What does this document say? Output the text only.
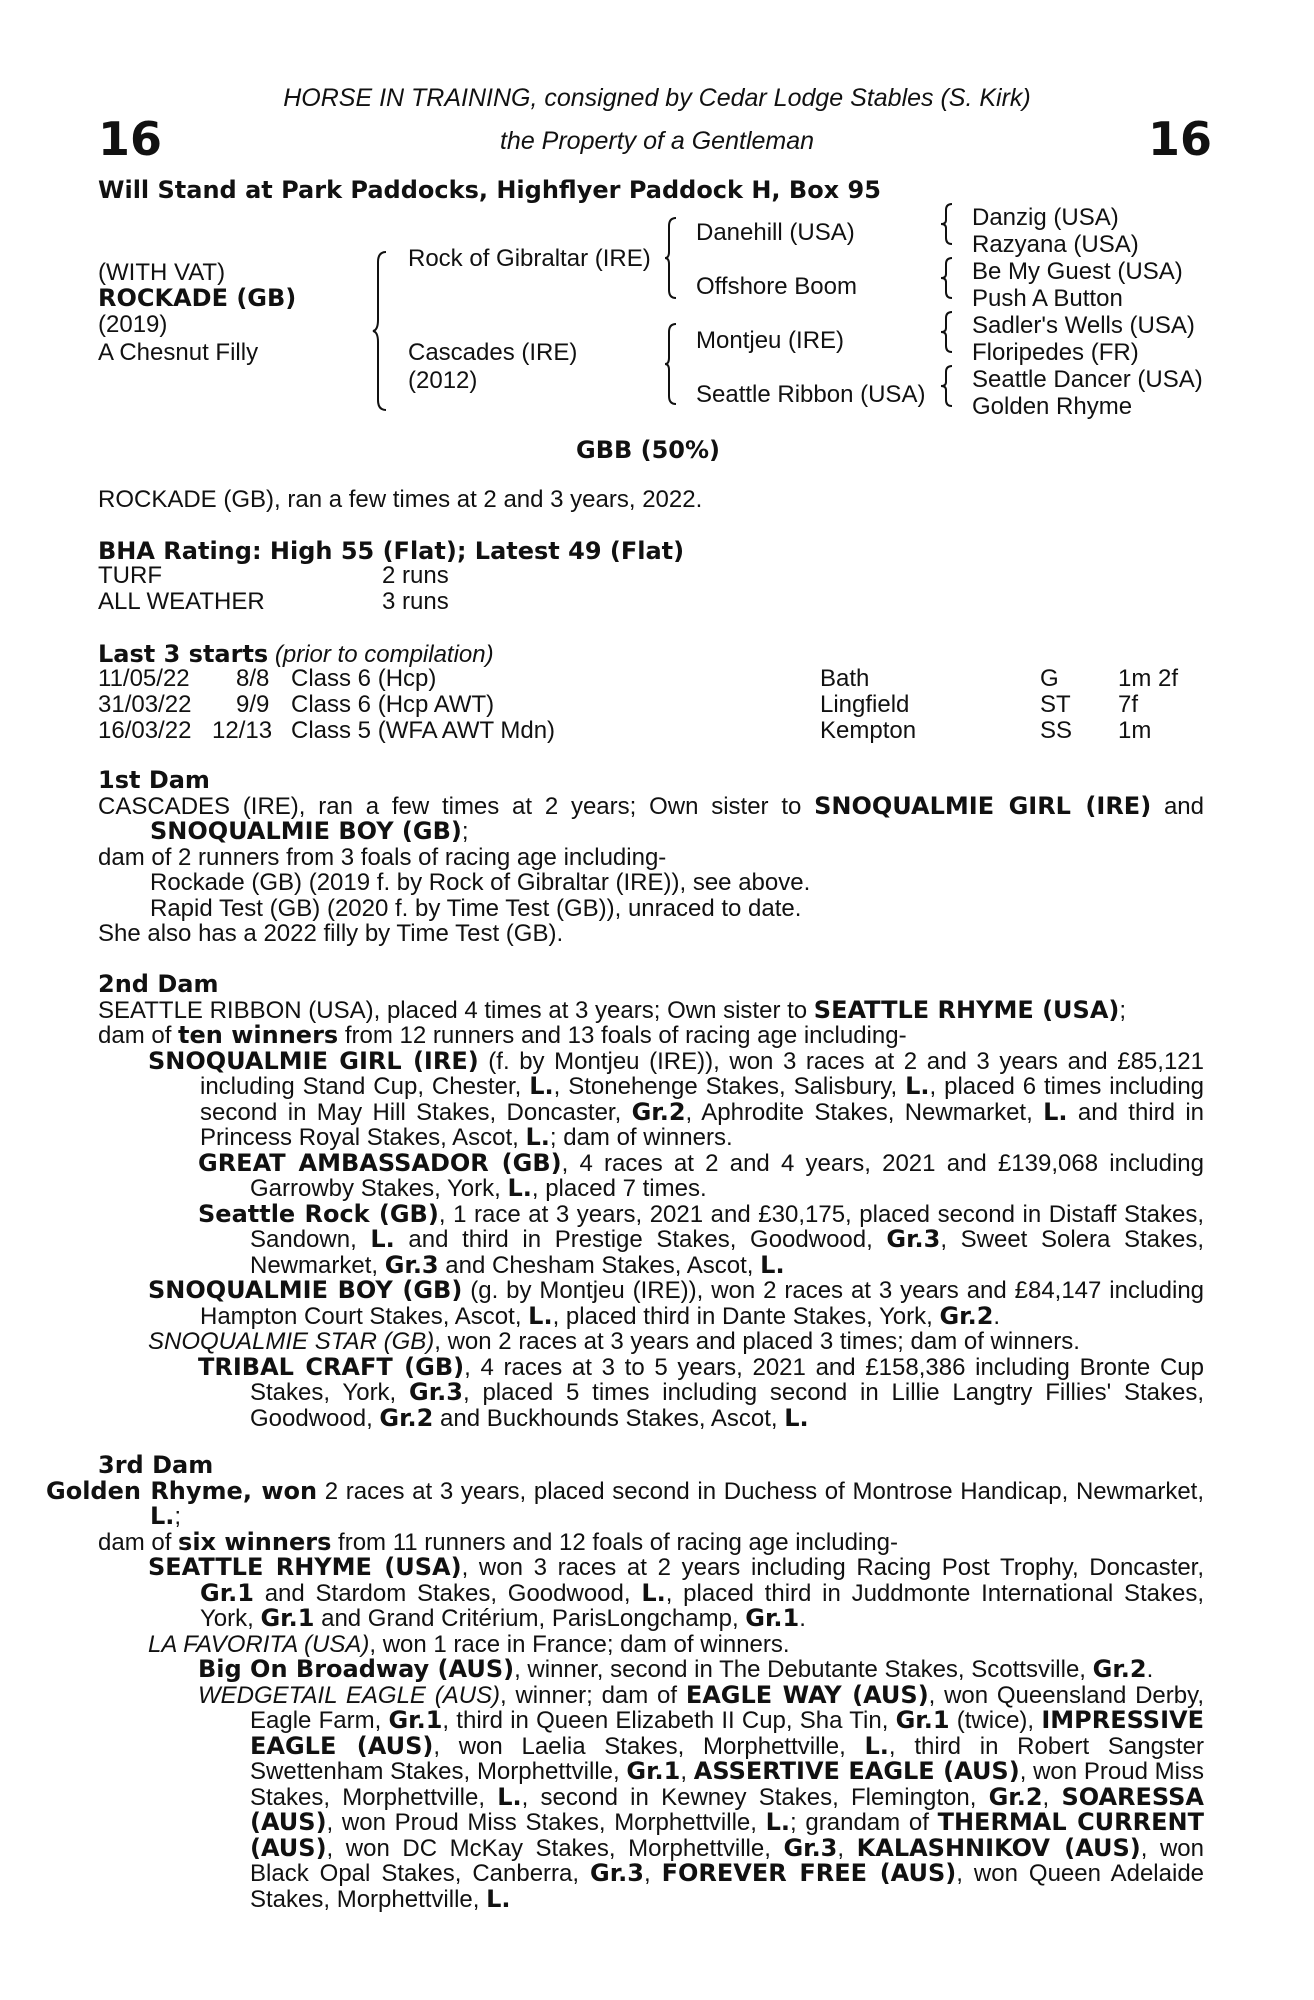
16	16
HORSE IN TRAINING, consigned by Cedar Lodge Stables (S. Kirk)
the Property of a Gentleman
Will Stand at Park Paddocks, Highflyer Paddock H, Box 95
(WITH VAT)
ROCKADE (GB)
(2019)
A Chesnut Filly
Rock of Gibraltar (IRE)
Cascades (IRE)
(2012)
Danehill (USA)
Offshore Boom
Montjeu (IRE)
Seattle Ribbon (USA)
Danzig (USA)
Razyana (USA)
Be My Guest (USA)
Push A Button
Sadler's Wells (USA)
Floripedes (FR)
Seattle Dancer (USA)
Golden Rhyme
GBB (50%)
ROCKADE (GB), ran a few times at 2 and 3 years, 2022.
BHA Rating: High 55 (Flat); Latest 49 (Flat)
TURF	2 runs
ALL WEATHER	3 runs
Last 3 starts (prior to compilation)
11/05/22 8/8 Class 6 (Hcp)	Bath	G 1m 2f
31/03/22 9/9 Class 6 (Hcp AWT)	Lingfield	ST 7f
16/03/22 12/13 Class 5 (WFA AWT Mdn)	Kempton	SS 1m
1st Dam
CASCADES (IRE), ran a few times at 2 years; Own sister to SNOQUALMIE GIRL (IRE) and SNOQUALMIE BOY (GB);
dam of 2 runners from 3 foals of racing age including-
Rockade (GB) (2019 f. by Rock of Gibraltar (IRE)), see above.
Rapid Test (GB) (2020 f. by Time Test (GB)), unraced to date.
She also has a 2022 filly by Time Test (GB).
2nd Dam
SEATTLE RIBBON (USA), placed 4 times at 3 years; Own sister to SEATTLE RHYME (USA);
dam of ten winners from 12 runners and 13 foals of racing age including-
SNOQUALMIE GIRL (IRE) (f. by Montjeu (IRE)), won 3 races at 2 and 3 years and £85,121 including Stand Cup, Chester, L., Stonehenge Stakes, Salisbury, L., placed 6 times including second in May Hill Stakes, Doncaster, Gr.2, Aphrodite Stakes, Newmarket, L. and third in Princess Royal Stakes, Ascot, L.; dam of winners.
GREAT AMBASSADOR (GB), 4 races at 2 and 4 years, 2021 and £139,068 including Garrowby Stakes, York, L., placed 7 times.
Seattle Rock (GB), 1 race at 3 years, 2021 and £30,175, placed second in Distaff Stakes, Sandown, L. and third in Prestige Stakes, Goodwood, Gr.3, Sweet Solera Stakes, Newmarket, Gr.3 and Chesham Stakes, Ascot, L.
SNOQUALMIE BOY (GB) (g. by Montjeu (IRE)), won 2 races at 3 years and £84,147 including Hampton Court Stakes, Ascot, L., placed third in Dante Stakes, York, Gr.2.
SNOQUALMIE STAR (GB), won 2 races at 3 years and placed 3 times; dam of winners.
TRIBAL CRAFT (GB), 4 races at 3 to 5 years, 2021 and £158,386 including Bronte Cup Stakes, York, Gr.3, placed 5 times including second in Lillie Langtry Fillies' Stakes, Goodwood, Gr.2 and Buckhounds Stakes, Ascot, L.
3rd Dam
Golden Rhyme, won 2 races at 3 years, placed second in Duchess of Montrose Handicap, Newmarket, L.;
dam of six winners from 11 runners and 12 foals of racing age including-
SEATTLE RHYME (USA), won 3 races at 2 years including Racing Post Trophy, Doncaster, Gr.1 and Stardom Stakes, Goodwood, L., placed third in Juddmonte International Stakes, York, Gr.1 and Grand Critérium, ParisLongchamp, Gr.1.
LA FAVORITA (USA), won 1 race in France; dam of winners.
Big On Broadway (AUS), winner, second in The Debutante Stakes, Scottsville, Gr.2.
WEDGETAIL EAGLE (AUS), winner; dam of EAGLE WAY (AUS), won Queensland Derby, Eagle Farm, Gr.1, third in Queen Elizabeth II Cup, Sha Tin, Gr.1 (twice), IMPRESSIVE EAGLE (AUS), won Laelia Stakes, Morphettville, L., third in Robert Sangster Swettenham Stakes, Morphettville, Gr.1, ASSERTIVE EAGLE (AUS), won Proud Miss Stakes, Morphettville, L., second in Kewney Stakes, Flemington, Gr.2, SOARESSA (AUS), won Proud Miss Stakes, Morphettville, L.; grandam of THERMAL CURRENT (AUS), won DC McKay Stakes, Morphettville, Gr.3, KALASHNIKOV (AUS), won Black Opal Stakes, Canberra, Gr.3, FOREVER FREE (AUS), won Queen Adelaide Stakes, Morphettville, L.
